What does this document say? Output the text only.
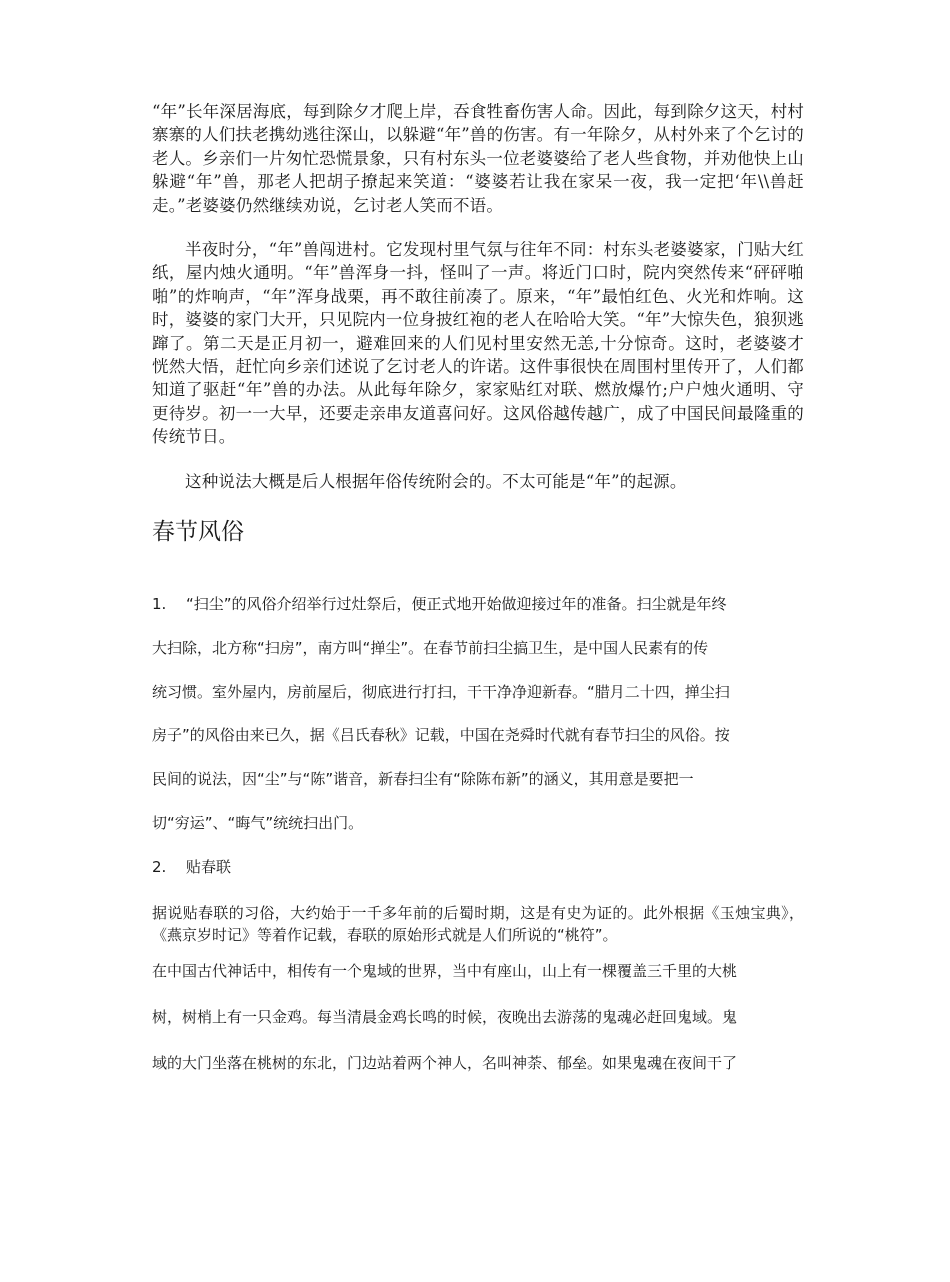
“年”长年深居海底，每到除夕才爬上岸，吞食牲畜伤害人命。因此，每到除夕这天，村村寨寨的人们扶老携幼逃往深山，以躲避“年”兽的伤害。有一年除夕，从村外来了个乞讨的老人。乡亲们一片匆忙恐慌景象，只有村东头一位老婆婆给了老人些食物，并劝他快上山躲避“年”兽，那老人把胡子撩起来笑道：“婆婆若让我在家呆一夜，我一定把‘年\\兽赶走。”老婆婆仍然继续劝说，乞讨老人笑而不语。

半夜时分，“年”兽闯进村。它发现村里气氛与往年不同：村东头老婆婆家，门贴大红纸，屋内烛火通明。“年”兽浑身一抖，怪叫了一声。将近门口时，院内突然传来“砰砰啪啪”的炸响声，“年”浑身战栗，再不敢往前凑了。原来，“年”最怕红色、火光和炸响。这时，婆婆的家门大开，只见院内一位身披红袍的老人在哈哈大笑。“年”大惊失色，狼狈逃蹿了。第二天是正月初一，避难回来的人们见村里安然无恙,十分惊奇。这时，老婆婆才恍然大悟，赶忙向乡亲们述说了乞讨老人的许诺。这件事很快在周围村里传开了，人们都知道了驱赶“年”兽的办法。从此每年除夕，家家贴红对联、燃放爆竹;户户烛火通明、守更待岁。初一一大早，还要走亲串友道喜问好。这风俗越传越广，成了中国民间最隆重的传统节日。

这种说法大概是后人根据年俗传统附会的。不太可能是“年”的起源。

春节风俗
1. “扫尘”的风俗介绍举行过灶祭后，便正式地开始做迎接过年的准备。扫尘就是年终
大扫除，北方称“扫房”，南方叫“掸尘”。在春节前扫尘搞卫生，是中国人民素有的传
统习惯。室外屋内，房前屋后，彻底进行打扫，干干净净迎新春。“腊月二十四，掸尘扫
房子”的风俗由来已久，据《吕氏春秋》记载，中国在尧舜时代就有春节扫尘的风俗。按
民间的说法，因“尘”与“陈”谐音，新春扫尘有“除陈布新”的涵义，其用意是要把一
切“穷运”、“晦气”统统扫出门。
2. 贴春联

据说贴春联的习俗，大约始于一千多年前的后蜀时期，这是有史为证的。此外根据《玉烛宝典》，《燕京岁时记》等着作记载，春联的原始形式就是人们所说的“桃符”。

在中国古代神话中，相传有一个鬼域的世界，当中有座山，山上有一棵覆盖三千里的大桃
树，树梢上有一只金鸡。每当清晨金鸡长鸣的时候，夜晚出去游荡的鬼魂必赶回鬼域。鬼
域的大门坐落在桃树的东北，门边站着两个神人，名叫神荼、郁垒。如果鬼魂在夜间干了
